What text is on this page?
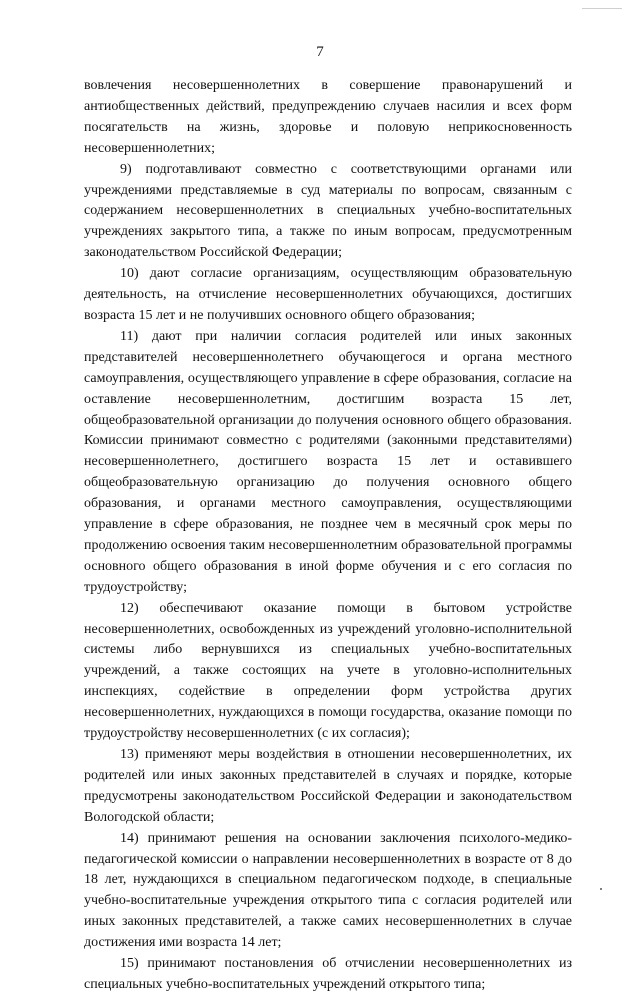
7

вовлечения несовершеннолетних в совершение правонарушений и антиобщественных действий, предупреждению случаев насилия и всех форм посягательств на жизнь, здоровье и половую неприкосновенность несовершеннолетних;

9) подготавливают совместно с соответствующими органами или учреждениями представляемые в суд материалы по вопросам, связанным с содержанием несовершеннолетних в специальных учебно-воспитательных учреждениях закрытого типа, а также по иным вопросам, предусмотренным законодательством Российской Федерации;

10) дают согласие организациям, осуществляющим образовательную деятельность, на отчисление несовершеннолетних обучающихся, достигших возраста 15 лет и не получивших основного общего образования;

11) дают при наличии согласия родителей или иных законных представителей несовершеннолетнего обучающегося и органа местного самоуправления, осуществляющего управление в сфере образования, согласие на оставление несовершеннолетним, достигшим возраста 15 лет, общеобразовательной организации до получения основного общего образования. Комиссии принимают совместно с родителями (законными представителями) несовершеннолетнего, достигшего возраста 15 лет и оставившего общеобразовательную организацию до получения основного общего образования, и органами местного самоуправления, осуществляющими управление в сфере образования, не позднее чем в месячный срок меры по продолжению освоения таким несовершеннолетним образовательной программы основного общего образования в иной форме обучения и с его согласия по трудоустройству;

12) обеспечивают оказание помощи в бытовом устройстве несовершеннолетних, освобожденных из учреждений уголовно-исполнительной системы либо вернувшихся из специальных учебно-воспитательных учреждений, а также состоящих на учете в уголовно-исполнительных инспекциях, содействие в определении форм устройства других несовершеннолетних, нуждающихся в помощи государства, оказание помощи по трудоустройству несовершеннолетних (с их согласия);

13) применяют меры воздействия в отношении несовершеннолетних, их родителей или иных законных представителей в случаях и порядке, которые предусмотрены законодательством Российской Федерации и законодательством Вологодской области;

14) принимают решения на основании заключения психолого-медико-педагогической комиссии о направлении несовершеннолетних в возрасте от 8 до 18 лет, нуждающихся в специальном педагогическом подходе, в специальные учебно-воспитательные учреждения открытого типа с согласия родителей или иных законных представителей, а также самих несовершеннолетних в случае достижения ими возраста 14 лет;

15) принимают постановления об отчислении несовершеннолетних из специальных учебно-воспитательных учреждений открытого типа;
